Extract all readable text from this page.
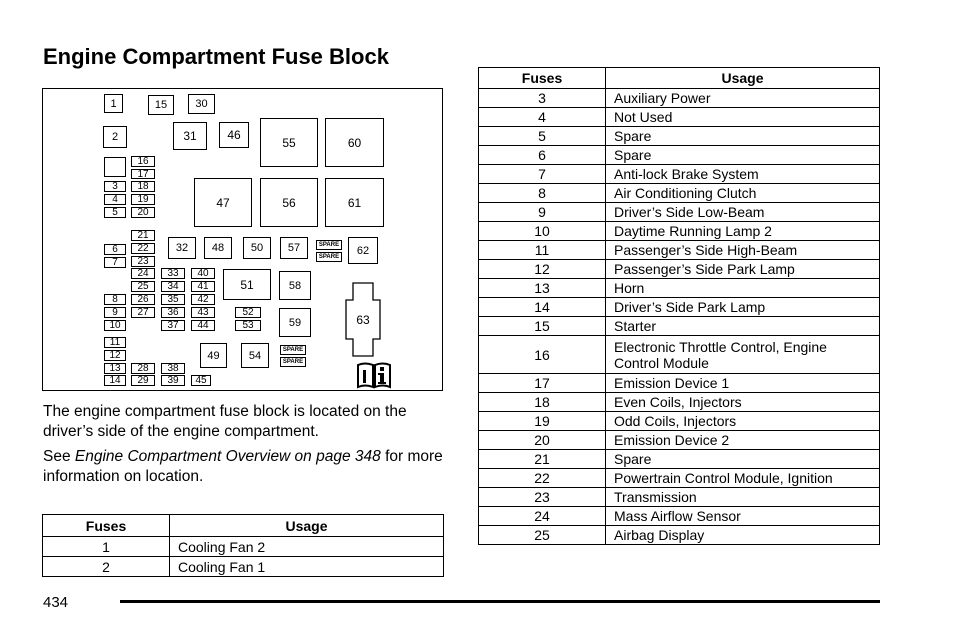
Engine Compartment Fuse Block
1	15	30
2	31	46
55	60
16
17
3	18
4	19
5	20
47	56	61
21
6	22
7	23
32	48	50	57	SPARE
SPARE
62
24	33	40
25	34	41	51	58
8	26	35	42
9	27	36	43	52
10	37	44	53	59	63
11
12	49	54	SPARE
SPARE
13	28	38
14	29	39	45

The engine compartment fuse block is located on the driver’s side of the engine compartment.

See Engine Compartment Overview on page 348 for more information on location.

Fuses	Usage
1	Cooling Fan 2
2	Cooling Fan 1
Fuses	Usage
3	Auxiliary Power
4	Not Used
5	Spare
6	Spare
7	Anti-lock Brake System
8	Air Conditioning Clutch
9	Driver’s Side Low-Beam
10	Daytime Running Lamp 2
11	Passenger’s Side High-Beam
12	Passenger’s Side Park Lamp
13	Horn
14	Driver’s Side Park Lamp
15	Starter
16	Electronic Throttle Control, Engine Control Module
17	Emission Device 1
18	Even Coils, Injectors
19	Odd Coils, Injectors
20	Emission Device 2
21	Spare
22	Powertrain Control Module, Ignition
23	Transmission
24	Mass Airflow Sensor
25	Airbag Display
434
